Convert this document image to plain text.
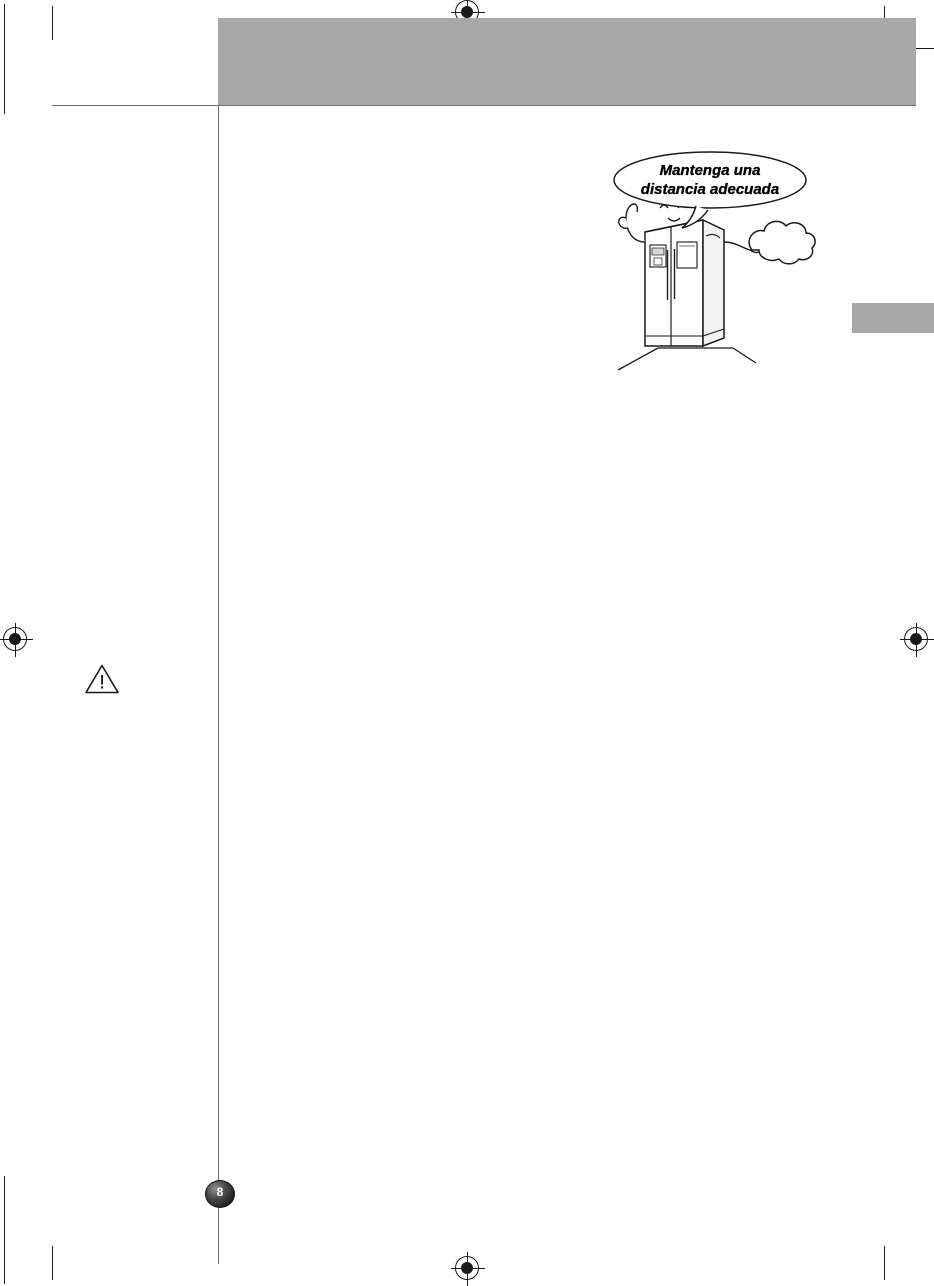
Mantenga una
distancia adecuada
8
